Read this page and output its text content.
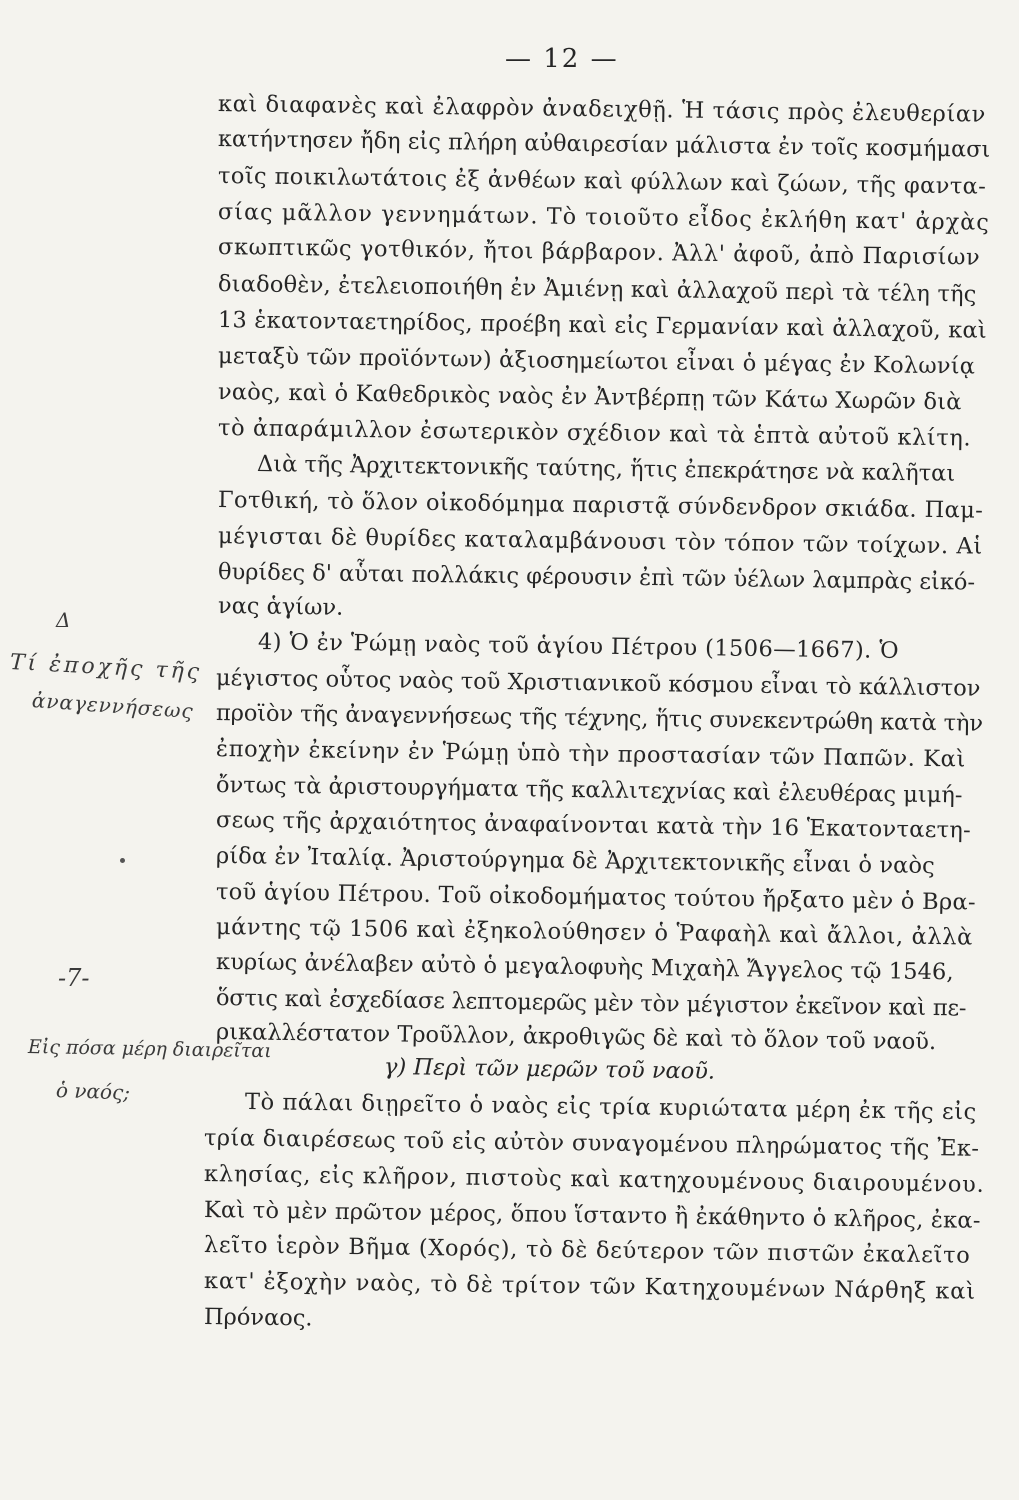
— 12 —
καὶ διαφανὲς καὶ ἐλαφρὸν ἀναδειχθῇ. Ἡ τάσις πρὸς ἐλευθερίαν
κατήντησεν ἤδη εἰς πλήρη αὐθαιρεσίαν μάλιστα ἐν τοῖς κοσμήμασι
τοῖς ποικιλωτάτοις ἐξ ἀνθέων καὶ φύλλων καὶ ζώων, τῆς φαντα-
σίας μᾶλλον γεννημάτων. Τὸ τοιοῦτο εἶδος ἐκλήθη κατ' ἀρχὰς
σκωπτικῶς γοτθικόν, ἤτοι βάρβαρον. Ἀλλ' ἀφοῦ, ἀπὸ Παρισίων
διαδοθὲν, ἐτελειοποιήθη ἐν Ἀμιένῃ καὶ ἀλλαχοῦ περὶ τὰ τέλη τῆς
13 ἑκατονταετηρίδος, προέβη καὶ εἰς Γερμανίαν καὶ ἀλλαχοῦ, καὶ
μεταξὺ τῶν προϊόντων) ἀξιοσημείωτοι εἶναι ὁ μέγας ἐν Κολωνίᾳ
ναὸς, καὶ ὁ Καθεδρικὸς ναὸς ἐν Ἀντβέρπῃ τῶν Κάτω Χωρῶν διὰ
τὸ ἀπαράμιλλον ἐσωτερικὸν σχέδιον καὶ τὰ ἑπτὰ αὐτοῦ κλίτη.
Διὰ τῆς Ἀρχιτεκτονικῆς ταύτης, ἥτις ἐπεκράτησε νὰ καλῆται
Γοτθική, τὸ ὅλον οἰκοδόμημα παριστᾷ σύνδενδρον σκιάδα. Παμ-
μέγισται δὲ θυρίδες καταλαμβάνουσι τὸν τόπον τῶν τοίχων. Αἱ
θυρίδες δ' αὗται πολλάκις φέρουσιν ἐπὶ τῶν ὑέλων λαμπρὰς εἰκό-
νας ἁγίων.
4) Ὁ ἐν Ῥώμῃ ναὸς τοῦ ἁγίου Πέτρου (1506—1667). Ὁ
μέγιστος οὗτος ναὸς τοῦ Χριστιανικοῦ κόσμου εἶναι τὸ κάλλιστον
προϊὸν τῆς ἀναγεννήσεως τῆς τέχνης, ἥτις συνεκεντρώθη κατὰ τὴν
ἐποχὴν ἐκείνην ἐν Ῥώμῃ ὑπὸ τὴν προστασίαν τῶν Παπῶν. Καὶ
ὄντως τὰ ἀριστουργήματα τῆς καλλιτεχνίας καὶ ἐλευθέρας μιμή-
σεως τῆς ἀρχαιότητος ἀναφαίνονται κατὰ τὴν 16 Ἑκατονταετη-
ρίδα ἐν Ἰταλίᾳ. Ἀριστούργημα δὲ Ἀρχιτεκτονικῆς εἶναι ὁ ναὸς
τοῦ ἁγίου Πέτρου. Τοῦ οἰκοδομήματος τούτου ἤρξατο μὲν ὁ Βρα-
μάντης τῷ 1506 καὶ ἐξηκολούθησεν ὁ Ῥαφαὴλ καὶ ἄλλοι, ἀλλὰ
κυρίως ἀνέλαβεν αὐτὸ ὁ μεγαλοφυὴς Μιχαὴλ Ἄγγελος τῷ 1546,
ὅστις καὶ ἐσχεδίασε λεπτομερῶς μὲν τὸν μέγιστον ἐκεῖνον καὶ πε-
ρικαλλέστατον Τροῦλλον, ἀκροθιγῶς δὲ καὶ τὸ ὅλον τοῦ ναοῦ.
γ) Περὶ τῶν μερῶν τοῦ ναοῦ.
Τὸ πάλαι διῃρεῖτο ὁ ναὸς εἰς τρία κυριώτατα μέρη ἐκ τῆς εἰς
τρία διαιρέσεως τοῦ εἰς αὐτὸν συναγομένου πληρώματος τῆς Ἐκ-
κλησίας, εἰς κλῆρον, πιστοὺς καὶ κατηχουμένους διαιρουμένου.
Καὶ τὸ μὲν πρῶτον μέρος, ὅπου ἵσταντο ἢ ἐκάθηντο ὁ κλῆρος, ἐκα-
λεῖτο ἱερὸν Βῆμα (Χορός), τὸ δὲ δεύτερον τῶν πιστῶν ἐκαλεῖτο
κατ' ἐξοχὴν ναὸς, τὸ δὲ τρίτον τῶν Κατηχουμένων Νάρθηξ καὶ
Πρόναος.
Δ
Τί ἐποχῆς τῆς
ἀναγεννήσεως
-7-
Εἰς πόσα μέρη διαιρεῖται
ὁ ναός;
